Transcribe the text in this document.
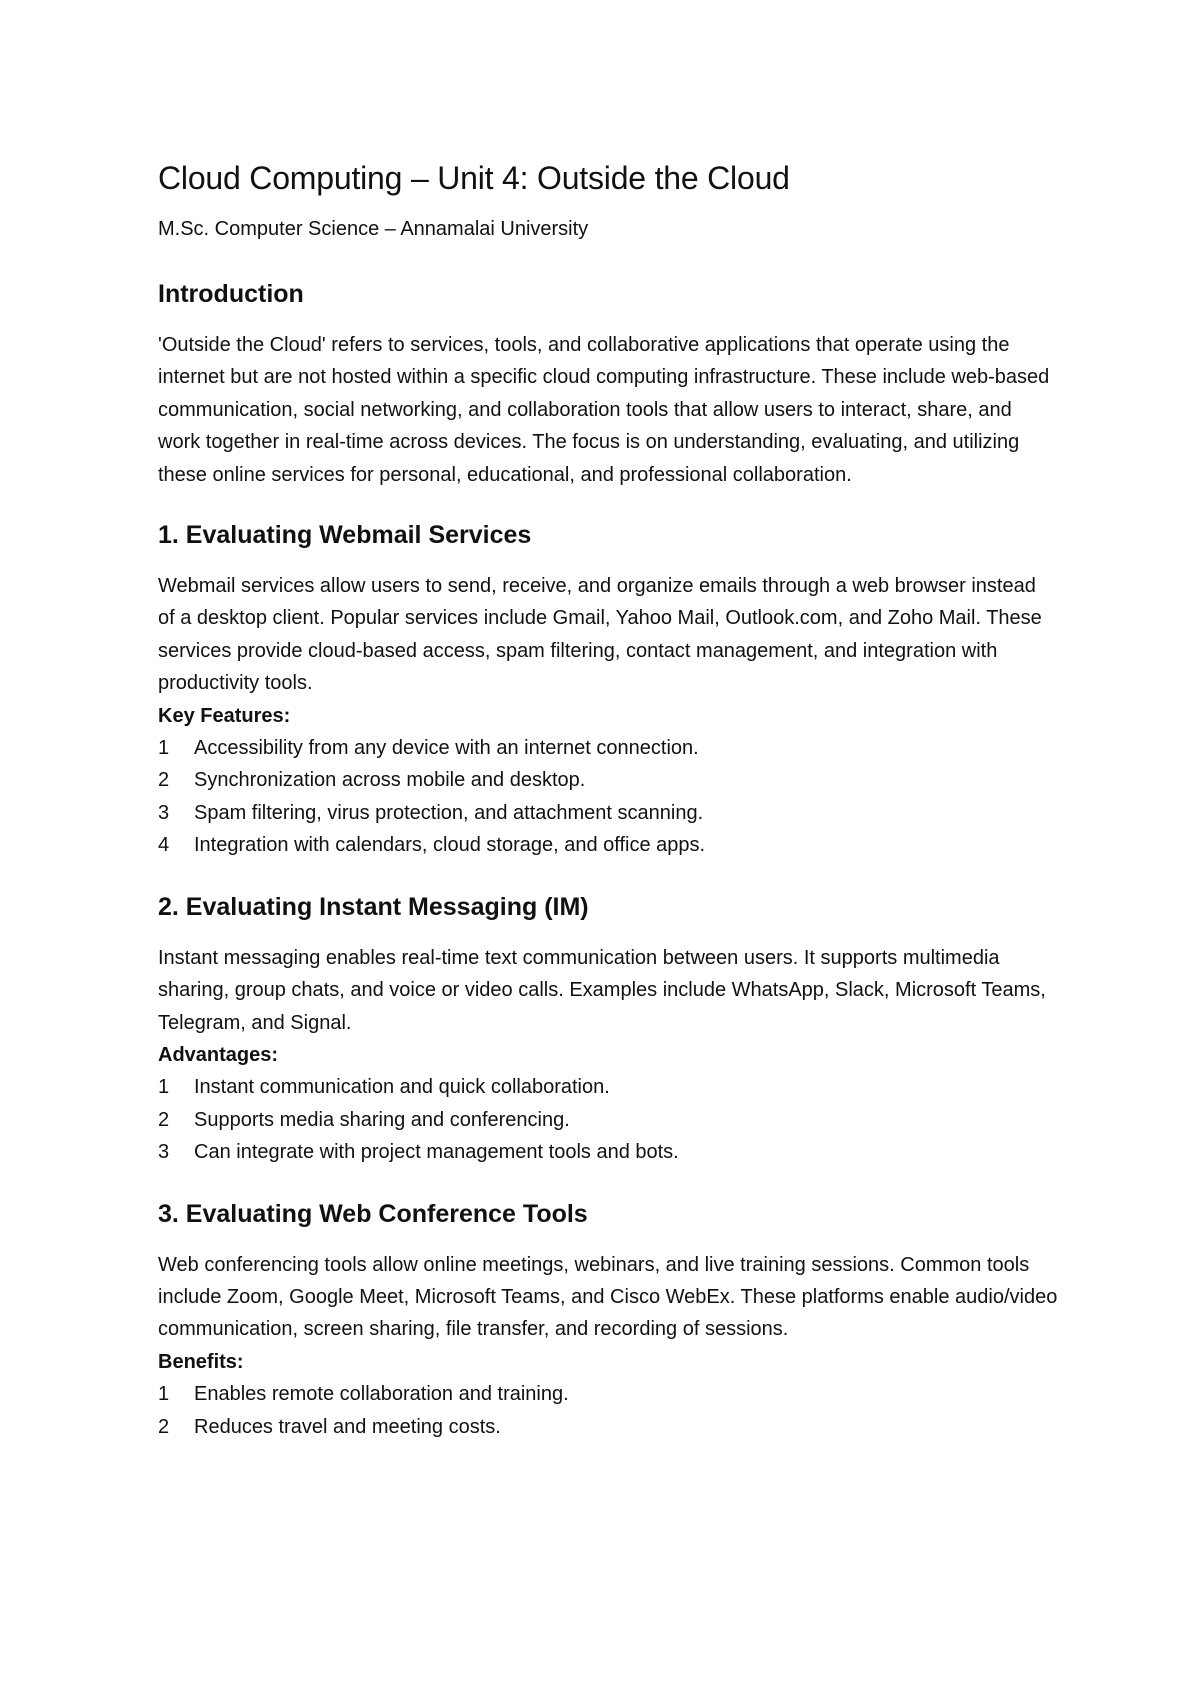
Cloud Computing – Unit 4: Outside the Cloud

M.Sc. Computer Science – Annamalai University

Introduction

'Outside the Cloud' refers to services, tools, and collaborative applications that operate using the internet but are not hosted within a specific cloud computing infrastructure. These include web-based communication, social networking, and collaboration tools that allow users to interact, share, and work together in real-time across devices. The focus is on understanding, evaluating, and utilizing these online services for personal, educational, and professional collaboration.

1. Evaluating Webmail Services

Webmail services allow users to send, receive, and organize emails through a web browser instead of a desktop client. Popular services include Gmail, Yahoo Mail, Outlook.com, and Zoho Mail. These services provide cloud-based access, spam filtering, contact management, and integration with productivity tools.

Key Features:

1	Accessibility from any device with an internet connection.
2	Synchronization across mobile and desktop.
3	Spam filtering, virus protection, and attachment scanning.
4	Integration with calendars, cloud storage, and office apps.
2. Evaluating Instant Messaging (IM)

Instant messaging enables real-time text communication between users. It supports multimedia sharing, group chats, and voice or video calls. Examples include WhatsApp, Slack, Microsoft Teams, Telegram, and Signal.

Advantages:

1	Instant communication and quick collaboration.
2	Supports media sharing and conferencing.
3	Can integrate with project management tools and bots.
3. Evaluating Web Conference Tools

Web conferencing tools allow online meetings, webinars, and live training sessions. Common tools include Zoom, Google Meet, Microsoft Teams, and Cisco WebEx. These platforms enable audio/video communication, screen sharing, file transfer, and recording of sessions.

Benefits:

1	Enables remote collaboration and training.
2	Reduces travel and meeting costs.
